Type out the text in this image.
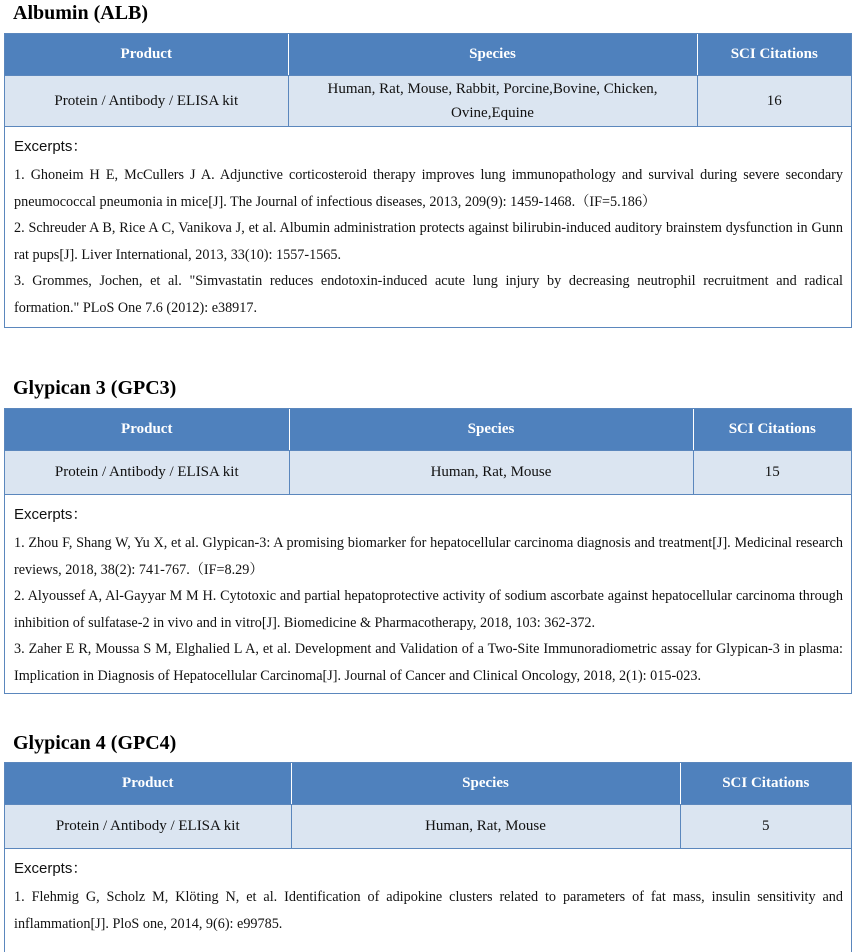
Albumin (ALB)
Product	Species	SCI Citations
Protein / Antibody / ELISA kit	Human, Rat, Mouse, Rabbit, Porcine,Bovine, Chicken, Ovine,Equine	16
Excerpts：
1. Ghoneim H E, McCullers J A. Adjunctive corticosteroid therapy improves lung immunopathology and survival during severe secondary pneumococcal pneumonia in mice[J]. The Journal of infectious diseases, 2013, 209(9): 1459-1468.（IF=5.186）
2. Schreuder A B, Rice A C, Vanikova J, et al. Albumin administration protects against bilirubin‐induced auditory brainstem dysfunction in Gunn rat pups[J]. Liver International, 2013, 33(10): 1557-1565.
3. Grommes, Jochen, et al. "Simvastatin reduces endotoxin-induced acute lung injury by decreasing neutrophil recruitment and radical formation." PLoS One 7.6 (2012): e38917.
Glypican 3 (GPC3)
Product	Species	SCI Citations
Protein / Antibody / ELISA kit	Human, Rat, Mouse	15
Excerpts：
1. Zhou F, Shang W, Yu X, et al. Glypican‐3: A promising biomarker for hepatocellular carcinoma diagnosis and treatment[J]. Medicinal research reviews, 2018, 38(2): 741-767.（IF=8.29）
2. Alyoussef A, Al-Gayyar M M H. Cytotoxic and partial hepatoprotective activity of sodium ascorbate against hepatocellular carcinoma through inhibition of sulfatase-2 in vivo and in vitro[J]. Biomedicine & Pharmacotherapy, 2018, 103: 362-372.
3. Zaher E R, Moussa S M, Elghalied L A, et al. Development and Validation of a Two-Site Immunoradiometric assay for Glypican-3 in plasma: Implication in Diagnosis of Hepatocellular Carcinoma[J]. Journal of Cancer and Clinical Oncology, 2018, 2(1): 015-023.
Glypican 4 (GPC4)
Product	Species	SCI Citations
Protein / Antibody / ELISA kit	Human, Rat, Mouse	5
Excerpts：
1. Flehmig G, Scholz M, Klöting N, et al. Identification of adipokine clusters related to parameters of fat mass, insulin sensitivity and inflammation[J]. PloS one, 2014, 9(6): e99785.
